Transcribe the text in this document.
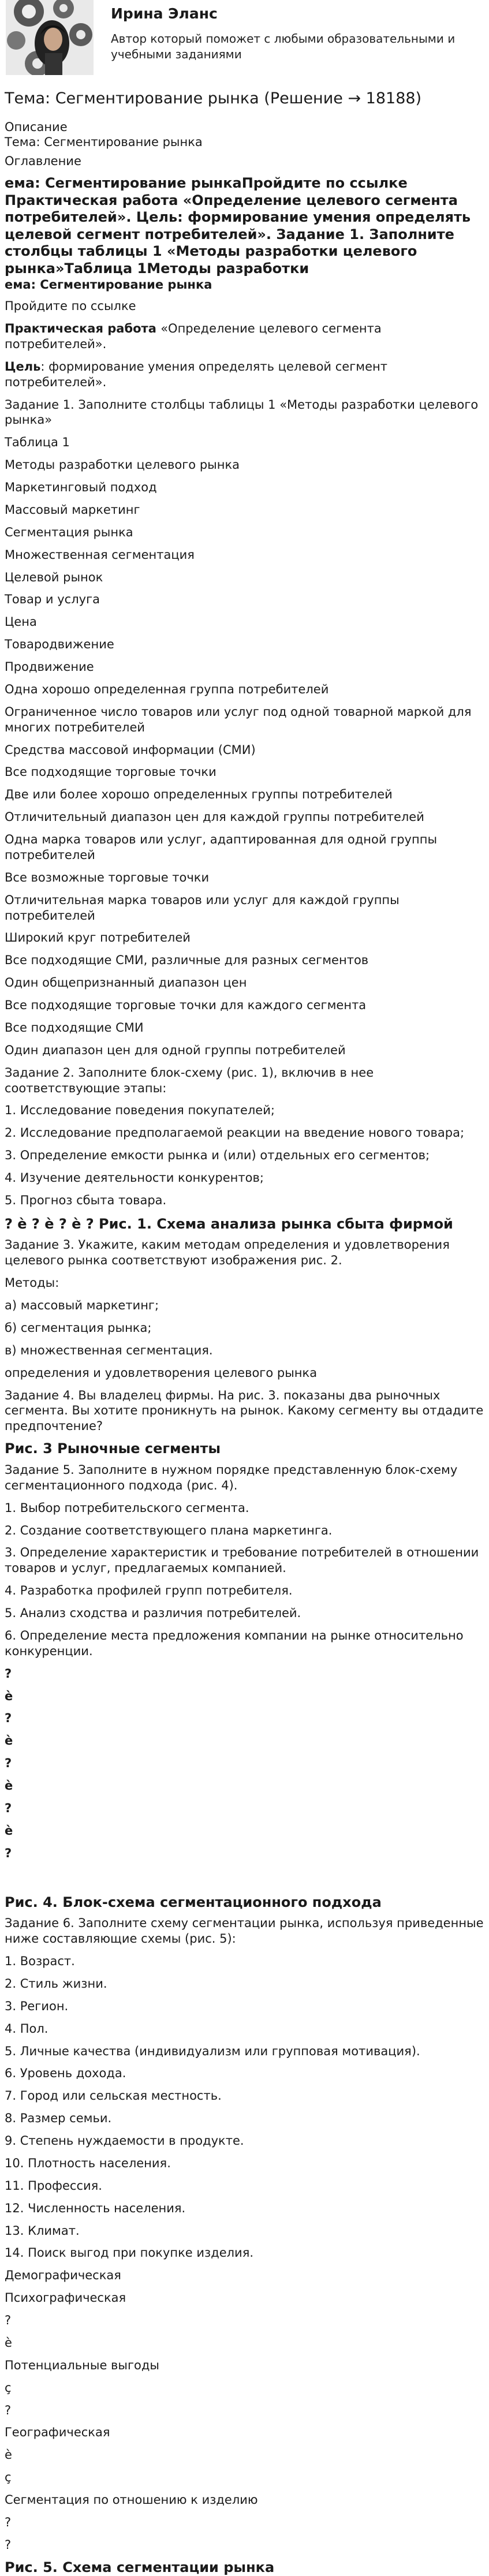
Ирина Эланс

Автор который поможет с любыми образовательными и учебными заданиями

Тема: Сегментирование рынка (Решение → 18188)

Описание

Тема: Сегментирование рынка

Оглавление

ема: Сегментирование рынкаПройдите по ссылке Практическая работа «Определение целевого сегмента потребителей». Цель: формирование умения определять целевой сегмент потребителей». Задание 1. Заполните столбцы таблицы 1 «Методы разработки целевого рынка»Таблица 1Методы разработки

ема: Сегментирование рынка

Пройдите по ссылке

Практическая работа «Определение целевого сегмента потребителей».

Цель: формирование умения определять целевой сегмент потребителей».

Задание 1. Заполните столбцы таблицы 1 «Методы разработки целевого рынка»

Таблица 1

Методы разработки целевого рынка

Маркетинговый подход

Массовый маркетинг

Сегментация рынка

Множественная сегментация

Целевой рынок

Товар и услуга

Цена

Товародвижение

Продвижение

Одна хорошо определенная группа потребителей

Ограниченное число товаров или услуг под одной товарной маркой для многих потребителей

Средства массовой информации (СМИ)

Все подходящие торговые точки

Две или более хорошо определенных группы потребителей

Отличительный диапазон цен для каждой группы потребителей

Одна марка товаров или услуг, адаптированная для одной группы потребителей

Все возможные торговые точки

Отличительная марка товаров или услуг для каждой группы потребителей

Широкий круг потребителей

Все подходящие СМИ, различные для разных сегментов

Один общепризнанный диапазон цен

Все подходящие торговые точки для каждого сегмента

Все подходящие СМИ

Один диапазон цен для одной группы потребителей

Задание 2. Заполните блок-схему (рис. 1), включив в нее соответствующие этапы:

1. Исследование поведения покупателей;

2. Исследование предполагаемой реакции на введение нового товара;

3. Определение емкости рынка и (или) отдельных его сегментов;

4. Изучение деятельности конкурентов;

5. Прогноз сбыта товара.

? è ? è ? è ? Рис. 1. Схема анализа рынка сбыта фирмой

Задание 3. Укажите, каким методам определения и удовлетворения целевого рынка соответствуют изображения рис. 2.

Методы:

а) массовый маркетинг;

б) сегментация рынка;

в) множественная сегментация.

определения и удовлетворения целевого рынка

Задание 4. Вы владелец фирмы. На рис. 3. показаны два рыночных сегмента. Вы хотите проникнуть на рынок. Какому сегменту вы отдадите предпочтение?

Рис. 3 Рыночные сегменты

Задание 5. Заполните в нужном порядке представленную блок-схему сегментационного подхода (рис. 4).

1. Выбор потребительского сегмента.

2. Создание соответствующего плана маркетинга.

3. Определение характеристик и требование потребителей в отношении товаров и услуг, предлагаемых компанией.

4. Разработка профилей групп потребителя.

5. Анализ сходства и различия потребителей.

6. Определение места предложения компании на рынке относительно конкуренции.

?

è

?

è

?

è

?

è

?

Рис. 4. Блок-схема сегментационного подхода

Задание 6. Заполните схему сегментации рынка, используя приведенные ниже составляющие схемы (рис. 5):

1. Возраст.

2. Стиль жизни.

3. Регион.

4. Пол.

5. Личные качества (индивидуализм или групповая мотивация).

6. Уровень дохода.

7. Город или сельская местность.

8. Размер семьи.

9. Степень нуждаемости в продукте.

10. Плотность населения.

11. Профессия.

12. Численность населения.

13. Климат.

14. Поиск выгод при покупке изделия.

Демографическая

Психографическая

?

è

Потенциальные выгоды

ç

?

Географическая

è

ç

Сегментация по отношению к изделию

?

?

Рис. 5. Схема сегментации рынка
